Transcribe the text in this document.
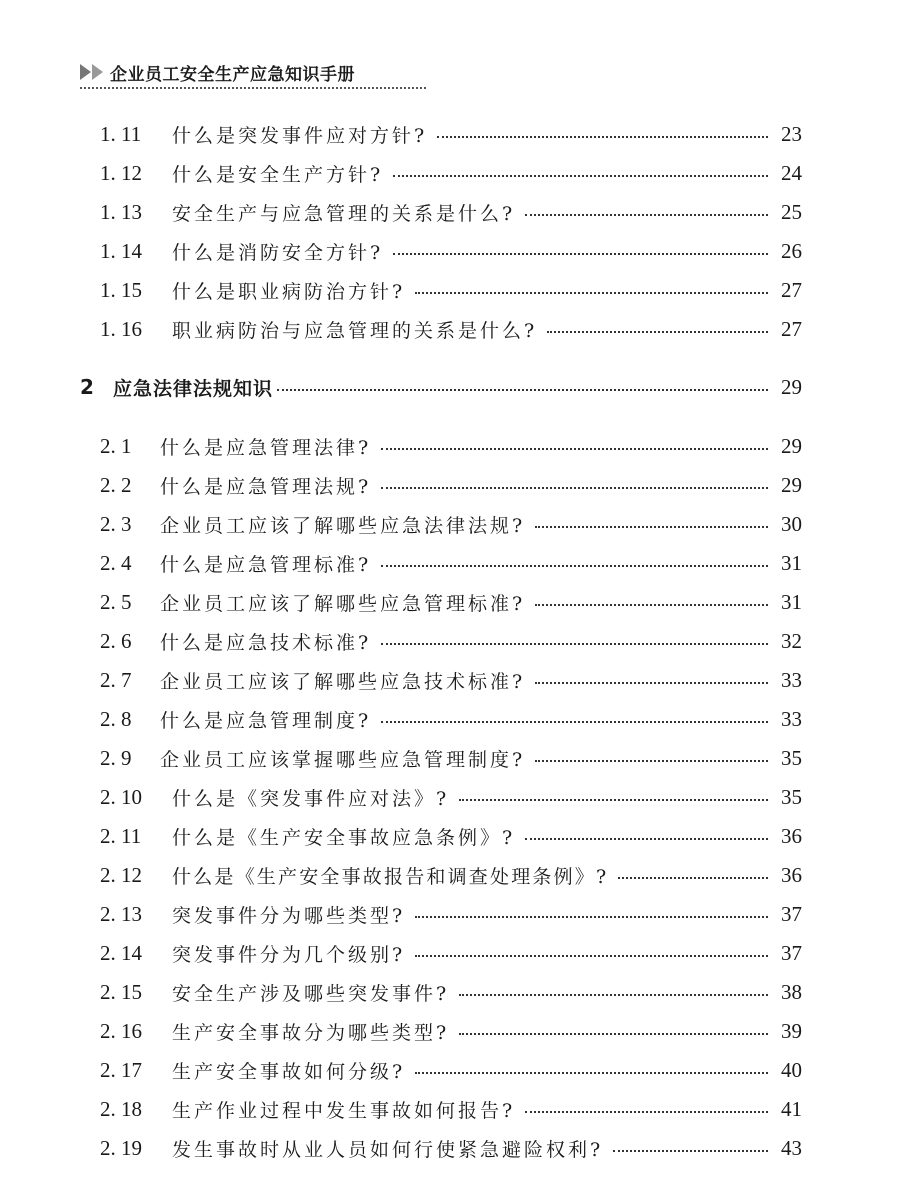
企业员工安全生产应急知识手册
1. 11	什么是突发事件应对方针?	23
1. 12	什么是安全生产方针?	24
1. 13	安全生产与应急管理的关系是什么?	25
1. 14	什么是消防安全方针?	26
1. 15	什么是职业病防治方针?	27
1. 16	职业病防治与应急管理的关系是什么?	27
2	应急法律法规知识	29
2. 1	什么是应急管理法律?	29
2. 2	什么是应急管理法规?	29
2. 3	企业员工应该了解哪些应急法律法规?	30
2. 4	什么是应急管理标准?	31
2. 5	企业员工应该了解哪些应急管理标准?	31
2. 6	什么是应急技术标准?	32
2. 7	企业员工应该了解哪些应急技术标准?	33
2. 8	什么是应急管理制度?	33
2. 9	企业员工应该掌握哪些应急管理制度?	35
2. 10	什么是《突发事件应对法》?	35
2. 11	什么是《生产安全事故应急条例》?	36
2. 12	什么是《生产安全事故报告和调查处理条例》?	36
2. 13	突发事件分为哪些类型?	37
2. 14	突发事件分为几个级别?	37
2. 15	安全生产涉及哪些突发事件?	38
2. 16	生产安全事故分为哪些类型?	39
2. 17	生产安全事故如何分级?	40
2. 18	生产作业过程中发生事故如何报告?	41
2. 19	发生事故时从业人员如何行使紧急避险权利?	43
